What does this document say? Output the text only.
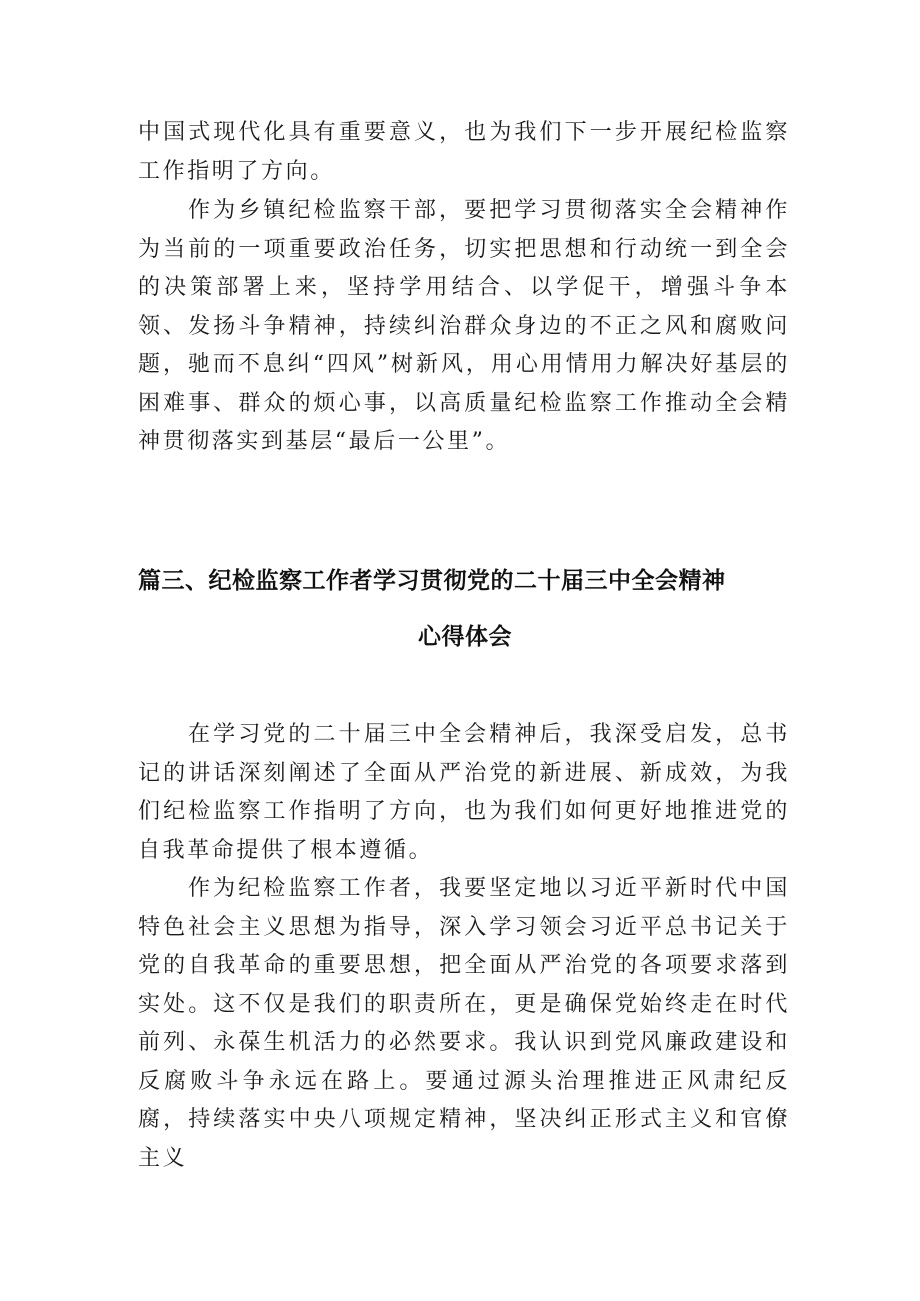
中国式现代化具有重要意义，也为我们下一步开展纪检监察工作指明了方向。

作为乡镇纪检监察干部，要把学习贯彻落实全会精神作为当前的一项重要政治任务，切实把思想和行动统一到全会的决策部署上来，坚持学用结合、以学促干，增强斗争本领、发扬斗争精神，持续纠治群众身边的不正之风和腐败问题，驰而不息纠“四风”树新风，用心用情用力解决好基层的困难事、群众的烦心事，以高质量纪检监察工作推动全会精神贯彻落实到基层“最后一公里”。

篇三、纪检监察工作者学习贯彻党的二十届三中全会精神
心得体会

在学习党的二十届三中全会精神后，我深受启发，总书记的讲话深刻阐述了全面从严治党的新进展、新成效，为我们纪检监察工作指明了方向，也为我们如何更好地推进党的自我革命提供了根本遵循。

作为纪检监察工作者，我要坚定地以习近平新时代中国特色社会主义思想为指导，深入学习领会习近平总书记关于党的自我革命的重要思想，把全面从严治党的各项要求落到实处。这不仅是我们的职责所在，更是确保党始终走在时代前列、永葆生机活力的必然要求。我认识到党风廉政建设和反腐败斗争永远在路上。要通过源头治理推进正风肃纪反腐，持续落实中央八项规定精神，坚决纠正形式主义和官僚主义
